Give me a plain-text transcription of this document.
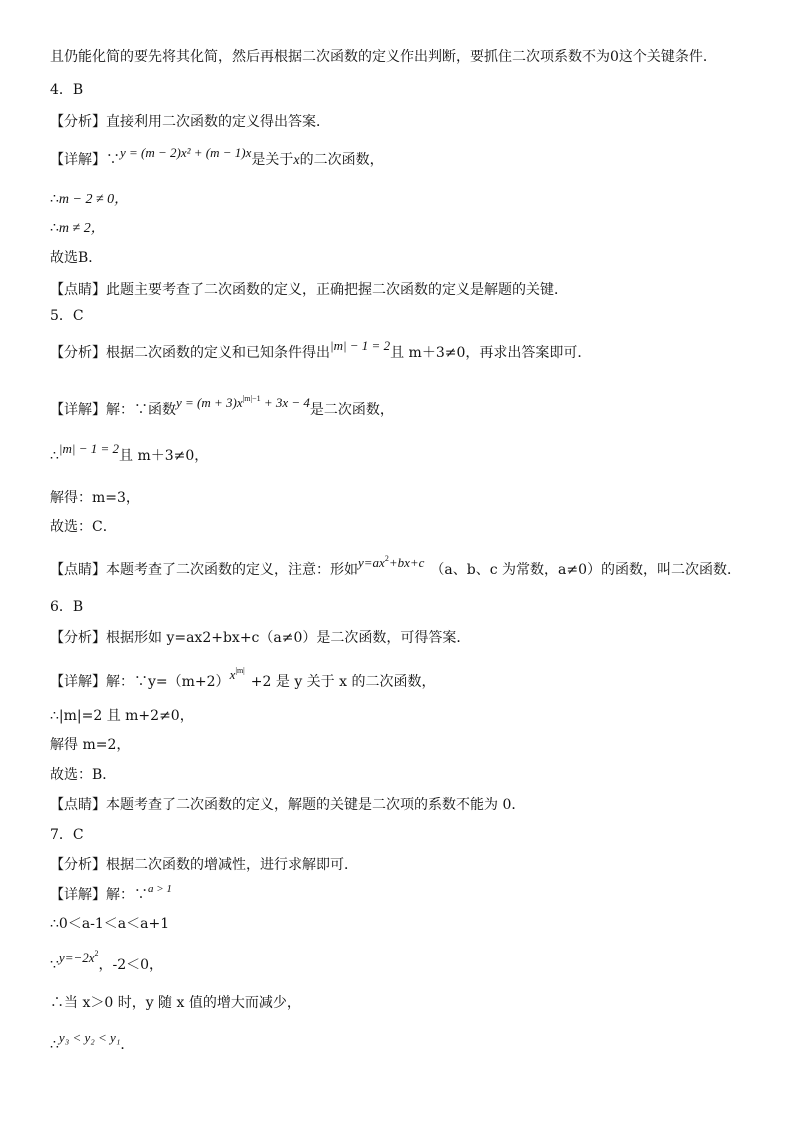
且仍能化简的要先将其化简，然后再根据二次函数的定义作出判断，要抓住二次项系数不为0这个关键条件．
4．B
【分析】直接利用二次函数的定义得出答案．
【详解】∵y = (m − 2)x² + (m − 1)x是关于x的二次函数，
∴m − 2 ≠ 0，
∴m ≠ 2，
故选B．
【点睛】此题主要考查了二次函数的定义，正确把握二次函数的定义是解题的关键．
5．C
【分析】根据二次函数的定义和已知条件得出|m| − 1 = 2且 m＋3≠0，再求出答案即可．
【详解】解：∵函数$y = (m + 3)x^{|m|-1} + 3x - 4$是二次函数，
∴|m| − 1 = 2且 m＋3≠0，
解得：m=3，
故选：C．
【点睛】本题考查了二次函数的定义，注意：形如$y=ax^2+bx+c$ （a、b、c 为常数，a≠0）的函数，叫二次函数．
6．B
【分析】根据形如 y=ax2+bx+c（a≠0）是二次函数，可得答案．
【详解】解：$\because y=(m+2)x^{|m|}+2$ 是 y 关于 x 的二次函数，
∴|m|=2 且 m+2≠0，
解得 m=2，
故选：B．
【点睛】本题考查了二次函数的定义，解题的关键是二次项的系数不能为 0．
7．C
【分析】根据二次函数的增减性，进行求解即可．
【详解】解：∵a > 1
∴0＜a-1＜a＜a+1
$\because y=-2x^2$，-2＜0，
∴当 x＞0 时，y 随 x 值的增大而减少，
∴y₃ < y₂ < y₁．
